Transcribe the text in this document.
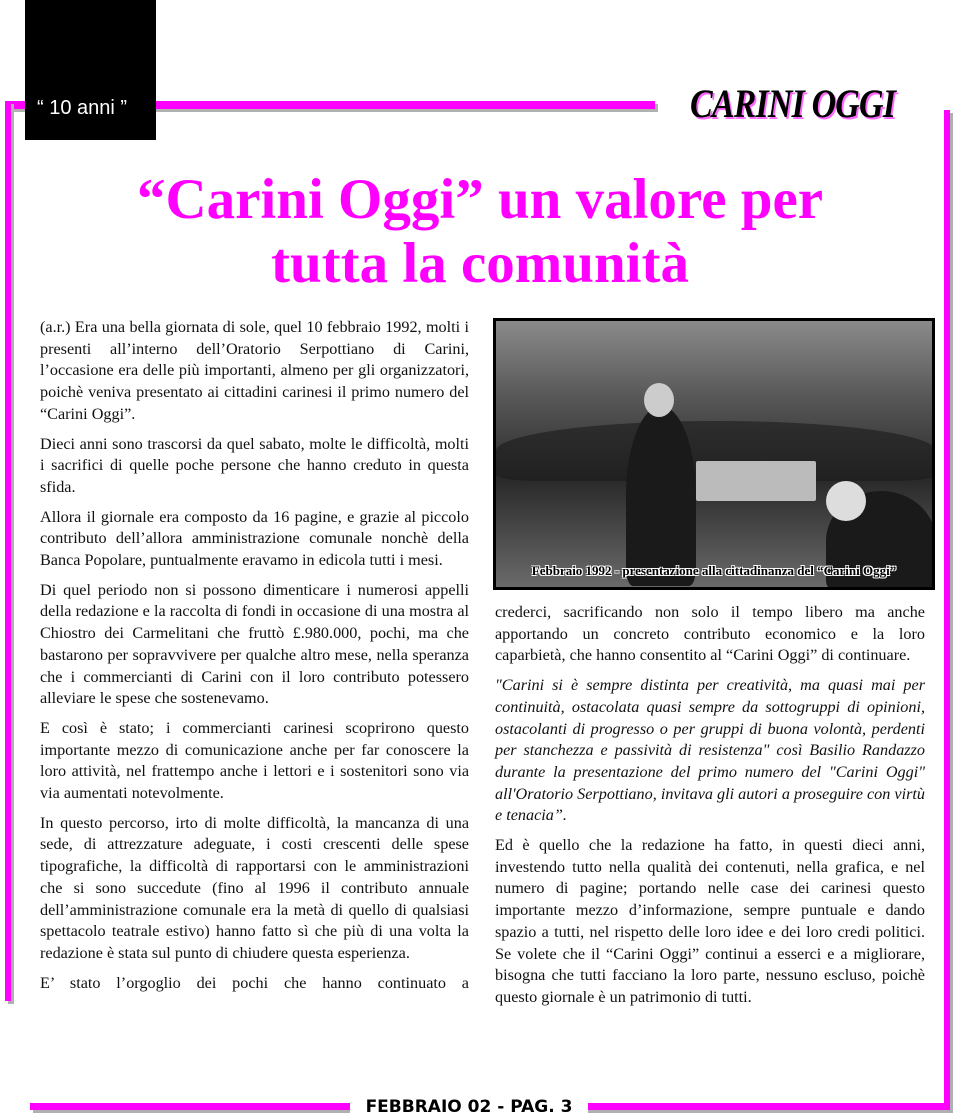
“ 10 anni ”	CARINI OGGI
“Carini Oggi” un valore per
tutta la comunità

(a.r.) Era una bella giornata di sole, quel 10 febbraio 1992, molti i presenti all’interno dell’Oratorio Serpottiano di Carini, l’occasione era delle più importanti, almeno per gli organizzatori, poichè veniva presentato ai cittadini carinesi il primo numero del “Carini Oggi”.

Dieci anni sono trascorsi da quel sabato, molte le difficoltà, molti i sacrifici di quelle poche persone che hanno creduto in questa sfida.

Allora il giornale era composto da 16 pagine, e grazie al piccolo contributo dell’allora amministrazione comunale nonchè della Banca Popolare, puntualmente eravamo in edicola tutti i mesi.

Di quel periodo non si possono dimenticare i numerosi appelli della redazione e la raccolta di fondi in occasione di una mostra al Chiostro dei Carmelitani che fruttò £.980.000, pochi, ma che bastarono per sopravvivere per qualche altro mese, nella speranza che i commercianti di Carini con il loro contributo potessero alleviare le spese che sostenevamo.

E così è stato; i commercianti carinesi scoprirono questo importante mezzo di comunicazione anche per far conoscere la loro attività, nel frattempo anche i lettori e i sostenitori sono via via aumentati notevolmente.

In questo percorso, irto di molte difficoltà, la mancanza di una sede, di attrezzature adeguate, i costi crescenti delle spese tipografiche, la difficoltà di rapportarsi con le amministrazioni che si sono succedute (fino al 1996 il contributo annuale dell’amministrazione comunale era la metà di quello di qualsiasi spettacolo teatrale estivo) hanno fatto sì che più di una volta la redazione è stata sul punto di chiudere questa esperienza.

E’ stato l’orgoglio dei pochi che hanno continuato a

Febbraio 1992 - presentazione alla cittadinanza del “Carini Oggi”

crederci, sacrificando non solo il tempo libero ma anche apportando un concreto contributo economico e la loro caparbietà, che hanno consentito al “Carini Oggi” di continuare.

"Carini si è sempre distinta per creatività, ma quasi mai per continuità, ostacolata quasi sempre da sottogruppi di opinioni, ostacolanti di progresso o per gruppi di buona volontà, perdenti per stanchezza e passività di resistenza" così Basilio Randazzo durante la presentazione del primo numero del "Carini Oggi" all'Oratorio Serpottiano, invitava gli autori a proseguire con virtù e tenacia”.

Ed è quello che la redazione ha fatto, in questi dieci anni, investendo tutto nella qualità dei contenuti, nella grafica, e nel numero di pagine; portando nelle case dei carinesi questo importante mezzo d’informazione, sempre puntuale e dando spazio a tutti, nel rispetto delle loro idee e dei loro credi politici. Se volete che il “Carini Oggi” continui a esserci e a migliorare, bisogna che tutti facciano la loro parte, nessuno escluso, poichè questo giornale è un patrimonio di tutti.

FEBBRAIO 02 - PAG. 3
